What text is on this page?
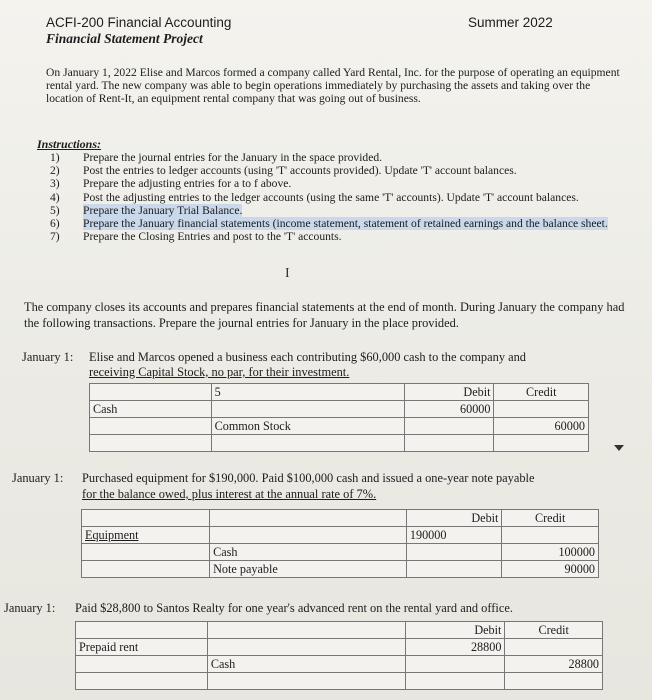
ACFI-200 Financial Accounting
Financial Statement Project
Summer 2022
On January 1, 2022 Elise and Marcos formed a company called Yard Rental, Inc. for the purpose of operating an equipment rental yard. The new company was able to begin operations immediately by purchasing the assets and taking over the location of Rent-It, an equipment rental company that was going out of business.
Instructions:
1) Prepare the journal entries for the January in the space provided.
2) Post the entries to ledger accounts (using 'T' accounts provided). Update 'T' account balances.
3) Prepare the adjusting entries for a to f above.
4) Post the adjusting entries to the ledger accounts (using the same 'T' accounts). Update 'T' account balances.
5) Prepare the January Trial Balance.
6) Prepare the January financial statements (income statement, statement of retained earnings and the balance sheet.
7) Prepare the Closing Entries and post to the 'T' accounts.
I
The company closes its accounts and prepares financial statements at the end of month. During January the company had the following transactions. Prepare the journal entries for January in the place provided.
January 1: Elise and Marcos opened a business each contributing $60,000 cash to the company and
receiving Capital Stock, no par, for their investment.
	5	Debit	Credit
Cash		60000	
	Common Stock		60000

January 1: Purchased equipment for $190,000. Paid $100,000 cash and issued a one-year note payable
for the balance owed, plus interest at the annual rate of 7%.
		Debit	Credit
Equipment		190000	
	Cash		100000
	Note payable		90000
January 1: Paid $28,800 to Santos Realty for one year's advanced rent on the rental yard and office.
		Debit	Credit
Prepaid rent		28800	
	Cash		28800
